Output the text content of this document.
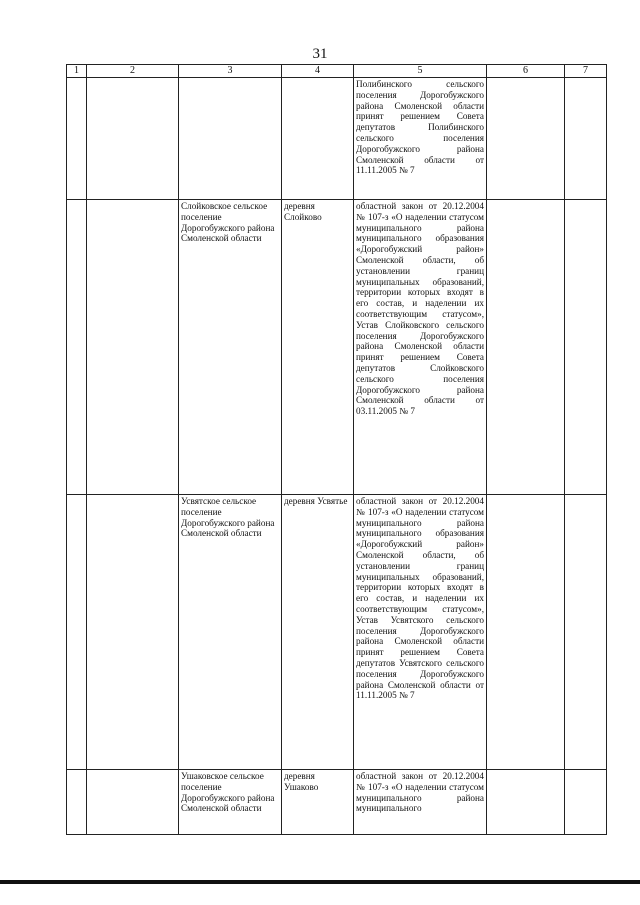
31
1	2	3	4	5	6	7

				Полибинского сельского поселения Дорогобужского района Смоленской области принят решением Совета депутатов Полибинского сельского поселения Дорогобужского района Смоленской области от 11.11.2005 № 7		

		Слойковское сельское поселение Дорогобужского района Смоленской области	деревня Слойково	областной закон от 20.12.2004 № 107-з «О наделении статусом муниципального района муниципального образования «Дорогобужский район» Смоленской области, об установлении границ муниципальных образований, территории которых входят в его состав, и наделении их соответствующим статусом», Устав Слойковского сельского поселения Дорогобужского района Смоленской области принят решением Совета депутатов Слойковского сельского поселения Дорогобужского района Смоленской области от 03.11.2005 № 7		

		Усвятское сельское поселение Дорогобужского района Смоленской области	деревня Усвятье	областной закон от 20.12.2004 № 107-з «О наделении статусом муниципального района муниципального образования «Дорогобужский район» Смоленской области, об установлении границ муниципальных образований, территории которых входят в его состав, и наделении их соответствующим статусом», Устав Усвятского сельского поселения Дорогобужского района Смоленской области принят решением Совета депутатов Усвятского сельского поселения Дорогобужского района Смоленской области от 11.11.2005 № 7		

		Ушаковское сельское поселение Дорогобужского района Смоленской области	деревня Ушаково	областной закон от 20.12.2004 № 107-з «О наделении статусом муниципального района муниципального		
